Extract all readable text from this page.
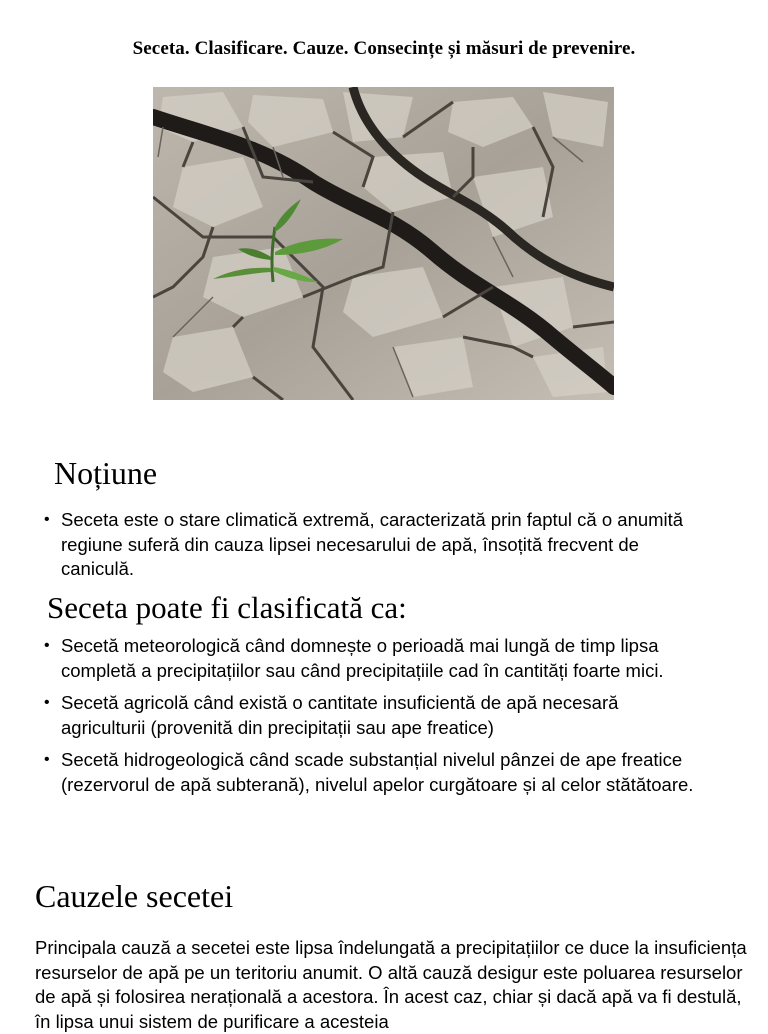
Seceta. Clasificare. Cauze. Consecințe și măsuri de prevenire.
Noțiune
• Seceta este o stare climatică extremă, caracterizată prin faptul că o anumită regiune suferă din cauza lipsei necesarului de apă, însoțită frecvent de caniculă.
Seceta poate fi clasificată ca:
• Secetă meteorologică când domnește o perioadă mai lungă de timp lipsa completă a precipitațiilor sau când precipitațiile cad în cantități foarte mici.
• Secetă agricolă când există o cantitate insuficientă de apă necesară agriculturii (provenită din precipitații sau ape freatice)
• Secetă hidrogeologică când scade substanțial nivelul pânzei de ape freatice (rezervorul de apă subterană), nivelul apelor curgătoare și al celor stătătoare.
Cauzele secetei

Principala cauză a secetei este lipsa îndelungată a precipitațiilor ce duce la insuficiența resurselor de apă pe un teritoriu anumit. O altă cauză desigur este poluarea resurselor de apă și folosirea nerațională a acestora. În acest caz, chiar și dacă apă va fi destulă, în lipsa unui sistem de purificare a acesteia
